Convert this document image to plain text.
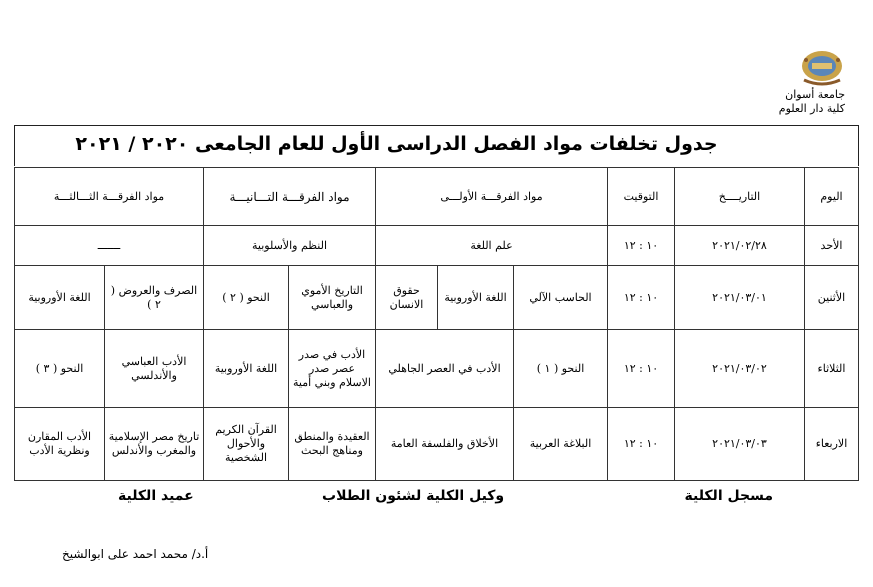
جامعة أسوان
كلية دار العلوم
جدول تخلفات مواد الفصل الدراسى الأول للعام الجامعى ٢٠٢٠ / ٢٠٢١
اليوم	التاريــــخ	التوقيت	مواد الفرقـــة الأولـــى			مواد الفرقـــة التـــانيـــة		مواد الفرقـــة الثـــالثـــة	
الأحد	٢٠٢١/٠٢/٢٨	١٠ : ١٢	علم اللغة			النظم والأسلوبية		ـــــــ	
الأثنين	٢٠٢١/٠٣/٠١	١٠ : ١٢	الحاسب الآلي	اللغة الأوروبية	حقوق الانسان	التاريخ الأموي والعباسي	النحو ( ٢ )	الصرف والعروض ( ٢ )	اللغة الأوروبية
الثلاثاء	٢٠٢١/٠٣/٠٢	١٠ : ١٢	النحو ( ١ )	الأدب في العصر الجاهلي		الأدب في صدر عصر صدر الاسلام وبني أمية	اللغة الأوروبية	الأدب العباسي والأندلسي	النحو ( ٣ )
الاربعاء	٢٠٢١/٠٣/٠٣	١٠ : ١٢	البلاغة العربية	الأخلاق والفلسفة العامة		العقيدة والمنطق ومناهج البحث	القرآن الكريم والأحوال الشخصية	تاريخ مصر الإسلامية والمغرب والأندلس	الأدب المقارن ونظرية الأدب
مسجل الكلية
وكيل الكلية لشئون الطلاب
عميد الكلية
أ.د/ محمد احمد على ابوالشيخ
